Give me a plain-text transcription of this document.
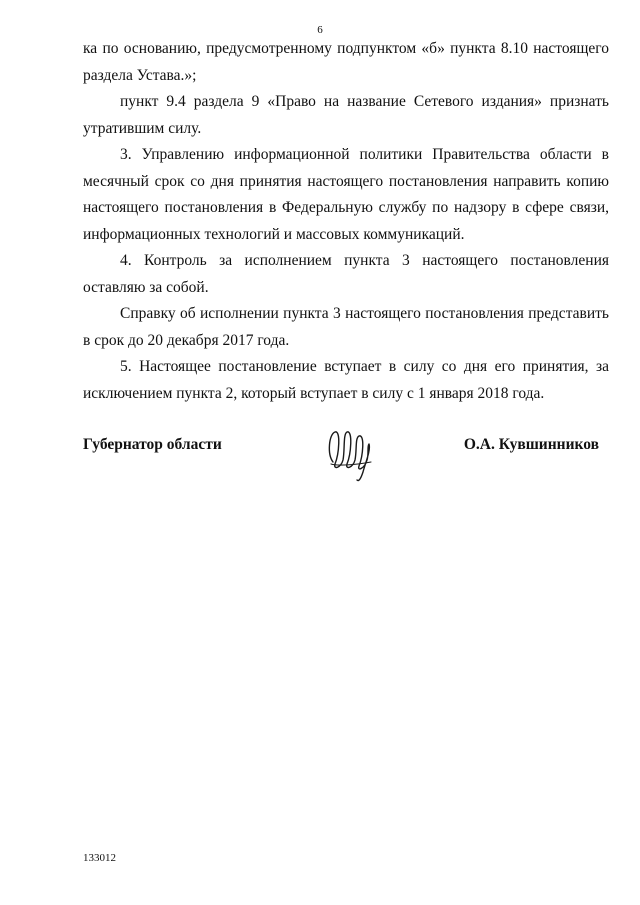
6

ка по основанию, предусмотренному подпунктом «б» пункта 8.10 настоящего раздела Устава.»;

пункт 9.4 раздела 9 «Право на название Сетевого издания» признать утратившим силу.

3. Управлению информационной политики Правительства области в месячный срок со дня принятия настоящего постановления направить копию настоящего постановления в Федеральную службу по надзору в сфере связи, информационных технологий и массовых коммуникаций.

4. Контроль за исполнением пункта 3 настоящего постановления оставляю за собой.

Справку об исполнении пункта 3 настоящего постановления представить в срок до 20 декабря 2017 года.

5. Настоящее постановление вступает в силу со дня его принятия, за исключением пункта 2, который вступает в силу с 1 января 2018 года.

Губернатор области	О.А. Кувшинников
133012
